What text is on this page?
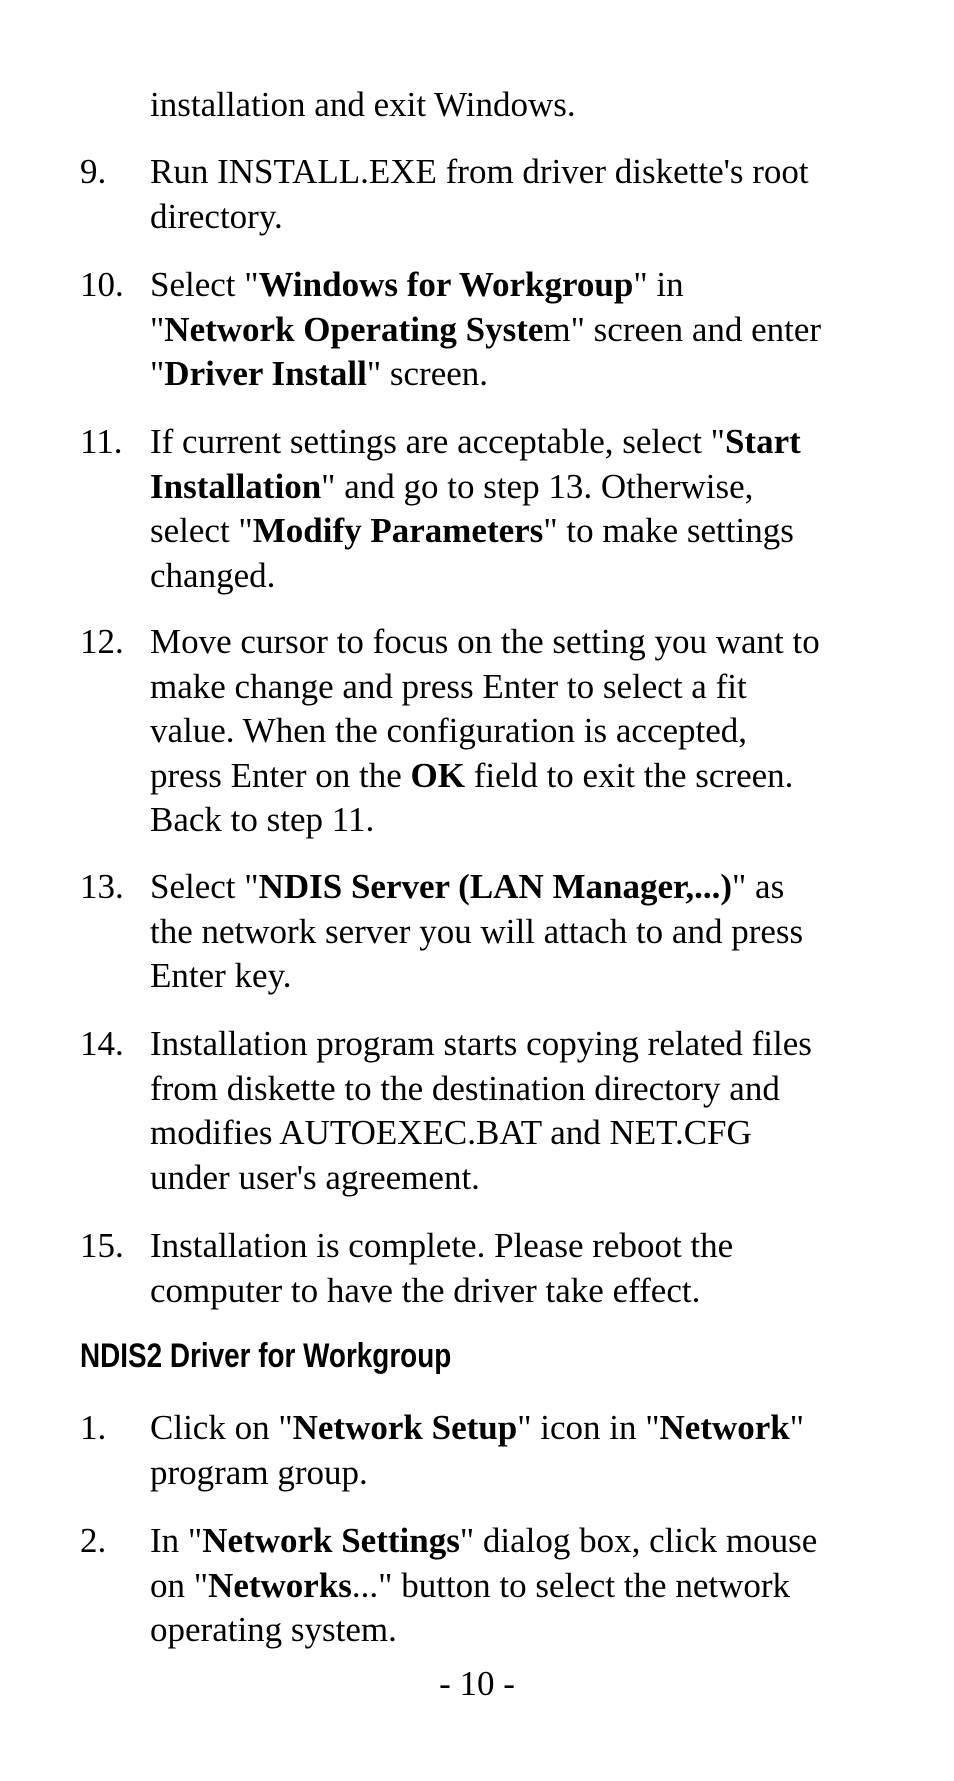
installation and exit Windows.
9. Run INSTALL.EXE from driver diskette's root
directory.
10. Select "Windows for Workgroup" in
"Network Operating System" screen and enter
"Driver Install" screen.
11. If current settings are acceptable, select "Start
Installation" and go to step 13. Otherwise,
select "Modify Parameters" to make settings
changed.
12. Move cursor to focus on the setting you want to
make change and press Enter to select a fit
value. When the configuration is accepted,
press Enter on the OK field to exit the screen.
Back to step 11.
13. Select "NDIS Server (LAN Manager,...)" as
the network server you will attach to and press
Enter key.
14. Installation program starts copying related files
from diskette to the destination directory and
modifies AUTOEXEC.BAT and NET.CFG
under user's agreement.
15. Installation is complete. Please reboot the
computer to have the driver take effect.
NDIS2 Driver for Workgroup
1. Click on "Network Setup" icon in "Network"
program group.
2. In "Network Settings" dialog box, click mouse
on "Networks..." button to select the network
operating system.
- 10 -
